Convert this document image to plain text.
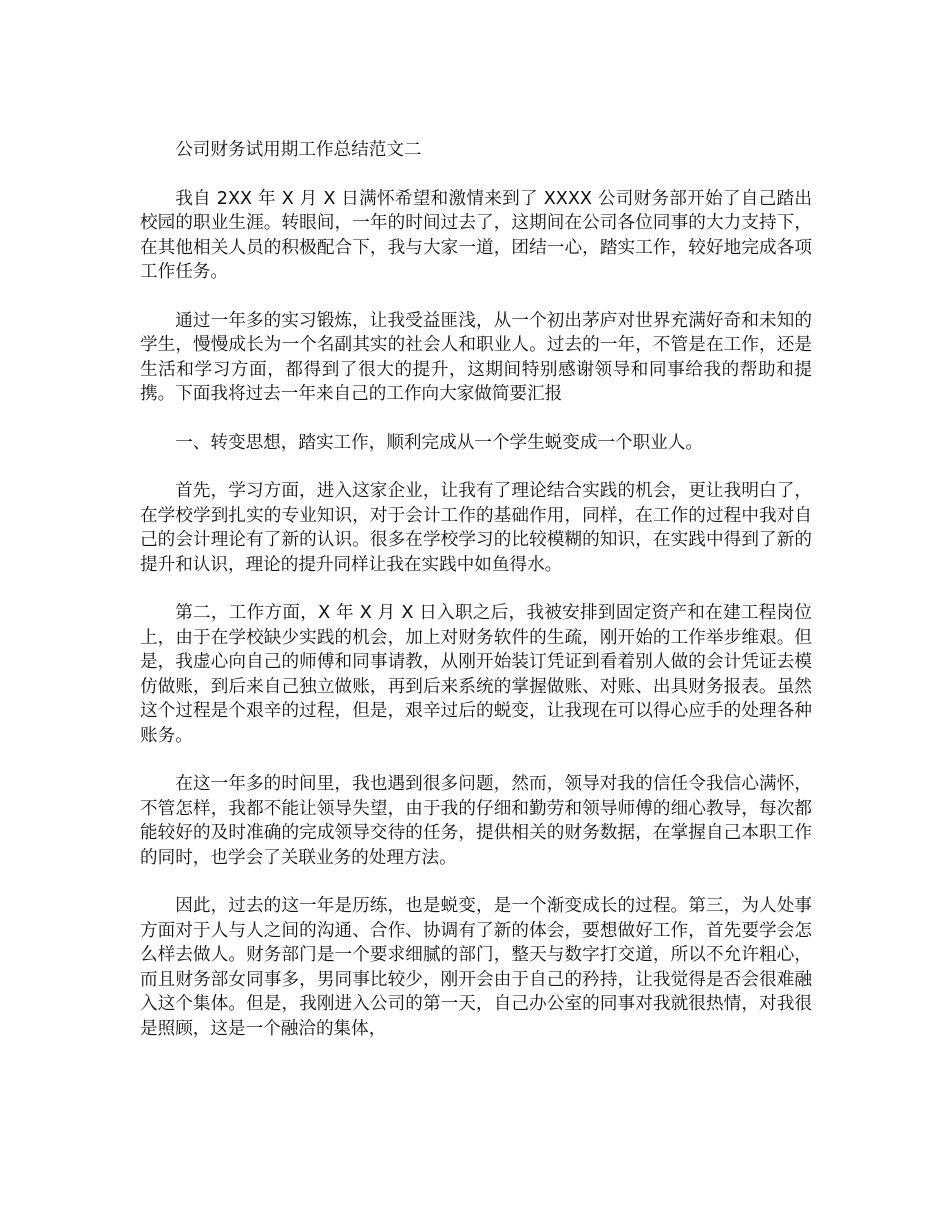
公司财务试用期工作总结范文二

我自 2XX 年 X 月 X 日满怀希望和激情来到了 XXXX 公司财务部开始了自己踏出校园的职业生涯。转眼间，一年的时间过去了，这期间在公司各位同事的大力支持下，在其他相关人员的积极配合下，我与大家一道，团结一心，踏实工作，较好地完成各项工作任务。

通过一年多的实习锻炼，让我受益匪浅，从一个初出茅庐对世界充满好奇和未知的学生，慢慢成长为一个名副其实的社会人和职业人。过去的一年，不管是在工作，还是生活和学习方面，都得到了很大的提升，这期间特别感谢领导和同事给我的帮助和提携。下面我将过去一年来自己的工作向大家做简要汇报

一、转变思想，踏实工作，顺利完成从一个学生蜕变成一个职业人。

首先，学习方面，进入这家企业，让我有了理论结合实践的机会，更让我明白了，在学校学到扎实的专业知识，对于会计工作的基础作用，同样，在工作的过程中我对自己的会计理论有了新的认识。很多在学校学习的比较模糊的知识，在实践中得到了新的提升和认识，理论的提升同样让我在实践中如鱼得水。

第二，工作方面，X 年 X 月 X 日入职之后，我被安排到固定资产和在建工程岗位上，由于在学校缺少实践的机会，加上对财务软件的生疏，刚开始的工作举步维艰。但是，我虚心向自己的师傅和同事请教，从刚开始装订凭证到看着别人做的会计凭证去模仿做账，到后来自己独立做账，再到后来系统的掌握做账、对账、出具财务报表。虽然这个过程是个艰辛的过程，但是，艰辛过后的蜕变，让我现在可以得心应手的处理各种账务。

在这一年多的时间里，我也遇到很多问题，然而，领导对我的信任令我信心满怀，不管怎样，我都不能让领导失望，由于我的仔细和勤劳和领导师傅的细心教导，每次都能较好的及时准确的完成领导交待的任务，提供相关的财务数据，在掌握自己本职工作的同时，也学会了关联业务的处理方法。

因此，过去的这一年是历练，也是蜕变，是一个渐变成长的过程。第三，为人处事方面对于人与人之间的沟通、合作、协调有了新的体会，要想做好工作，首先要学会怎么样去做人。财务部门是一个要求细腻的部门，整天与数字打交道，所以不允许粗心，而且财务部女同事多，男同事比较少，刚开会由于自己的矜持，让我觉得是否会很难融入这个集体。但是，我刚进入公司的第一天，自己办公室的同事对我就很热情，对我很是照顾，这是一个融洽的集体，
